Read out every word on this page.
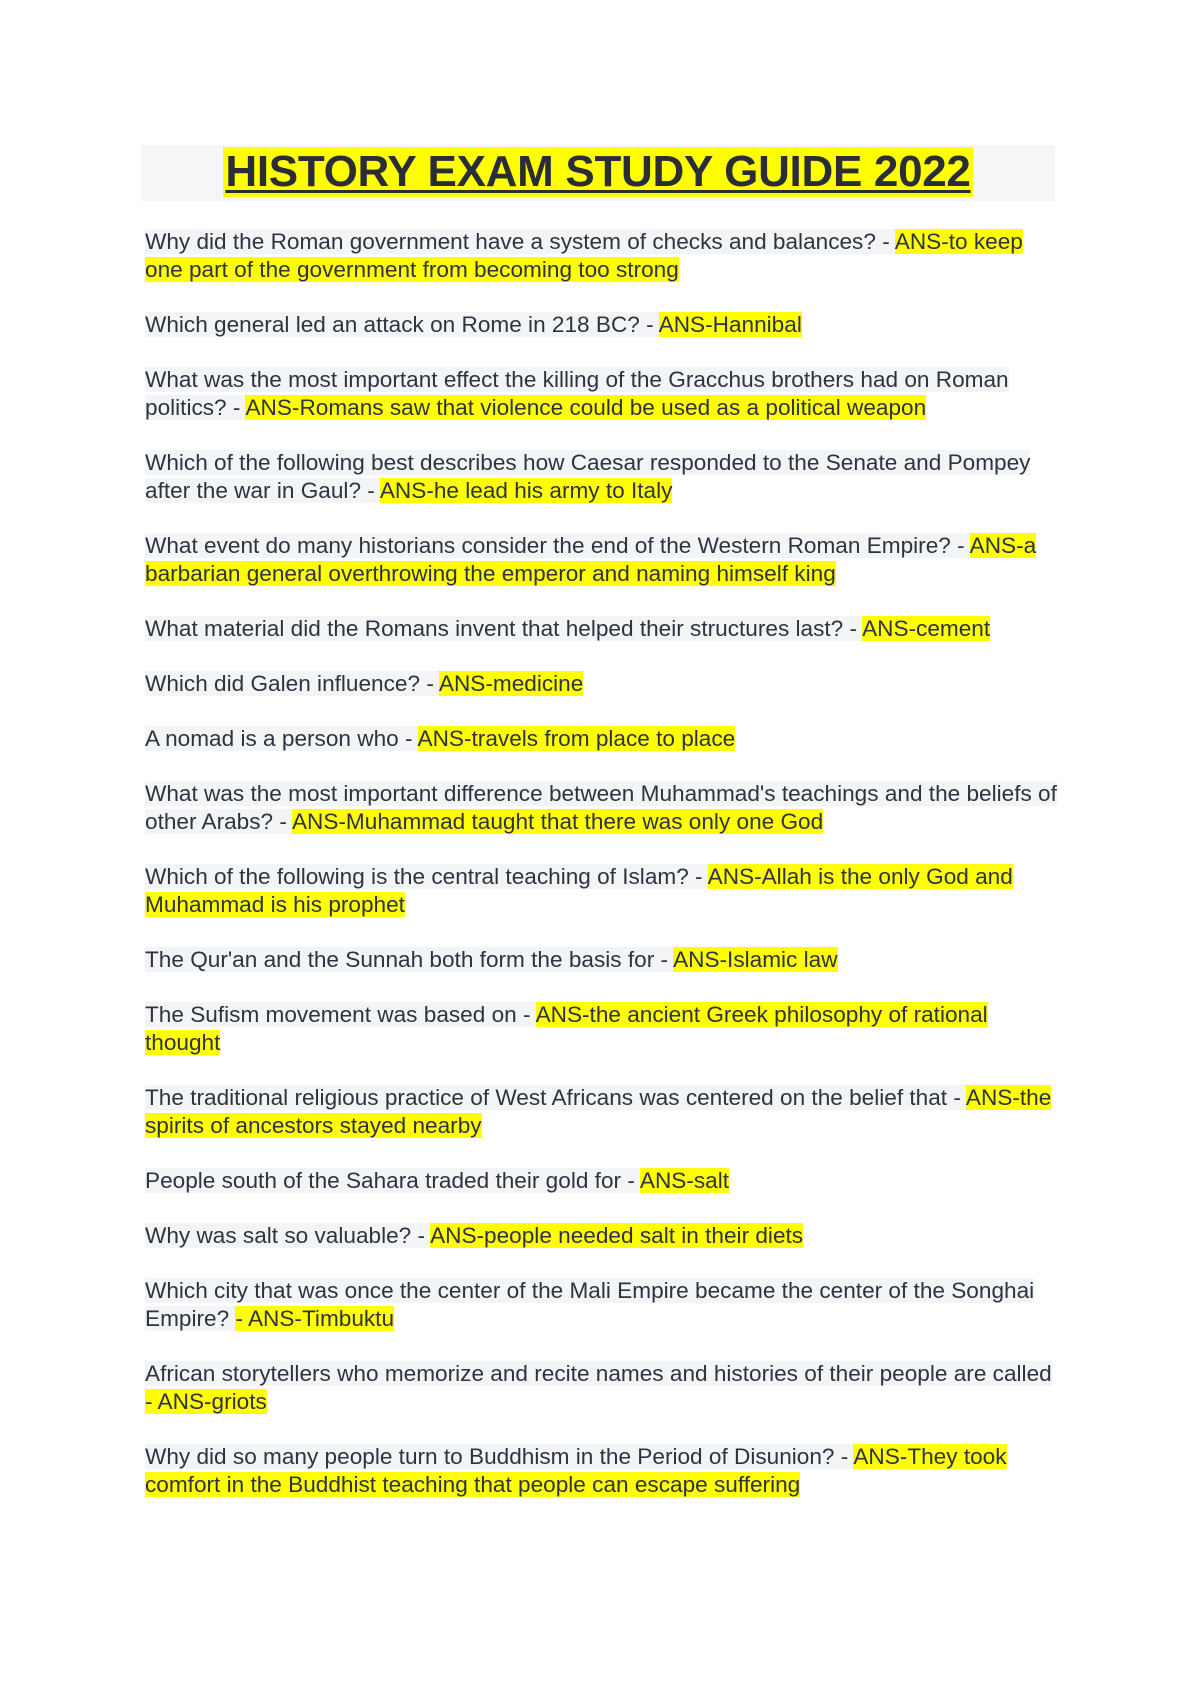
HISTORY EXAM STUDY GUIDE 2022

Why did the Roman government have a system of checks and balances? - ANS-to keep one part of the government from becoming too strong

Which general led an attack on Rome in 218 BC? - ANS-Hannibal

What was the most important effect the killing of the Gracchus brothers had on Roman politics? - ANS-Romans saw that violence could be used as a political weapon

Which of the following best describes how Caesar responded to the Senate and Pompey after the war in Gaul? - ANS-he lead his army to Italy

What event do many historians consider the end of the Western Roman Empire? - ANS-a barbarian general overthrowing the emperor and naming himself king

What material did the Romans invent that helped their structures last? - ANS-cement

Which did Galen influence? - ANS-medicine

A nomad is a person who - ANS-travels from place to place

What was the most important difference between Muhammad's teachings and the beliefs of other Arabs? - ANS-Muhammad taught that there was only one God

Which of the following is the central teaching of Islam? - ANS-Allah is the only God and Muhammad is his prophet

The Qur'an and the Sunnah both form the basis for - ANS-Islamic law

The Sufism movement was based on - ANS-the ancient Greek philosophy of rational thought

The traditional religious practice of West Africans was centered on the belief that - ANS-the spirits of ancestors stayed nearby

People south of the Sahara traded their gold for - ANS-salt

Why was salt so valuable? - ANS-people needed salt in their diets

Which city that was once the center of the Mali Empire became the center of the Songhai Empire? - ANS-Timbuktu

African storytellers who memorize and recite names and histories of their people are called - ANS-griots

Why did so many people turn to Buddhism in the Period of Disunion? - ANS-They took comfort in the Buddhist teaching that people can escape suffering
